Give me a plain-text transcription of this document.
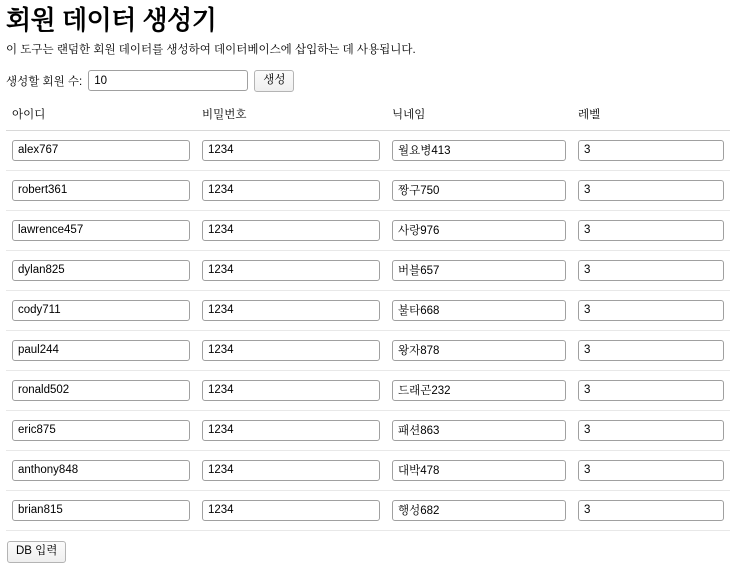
회원 데이터 생성기

이 도구는 랜덤한 회원 데이터를 생성하여 데이터베이스에 삽입하는 데 사용됩니다.

생성할 회원 수:
10	생성
아이디	비밀번호	닉네임	레벨
alex767	1234	월요병413	3
robert361	1234	짱구750	3
lawrence457	1234	사랑976	3
dylan825	1234	버블657	3
cody711	1234	불타668	3
paul244	1234	왕자878	3
ronald502	1234	드래곤232	3
eric875	1234	패션863	3
anthony848	1234	대박478	3
brian815	1234	행성682	3
DB 입력
